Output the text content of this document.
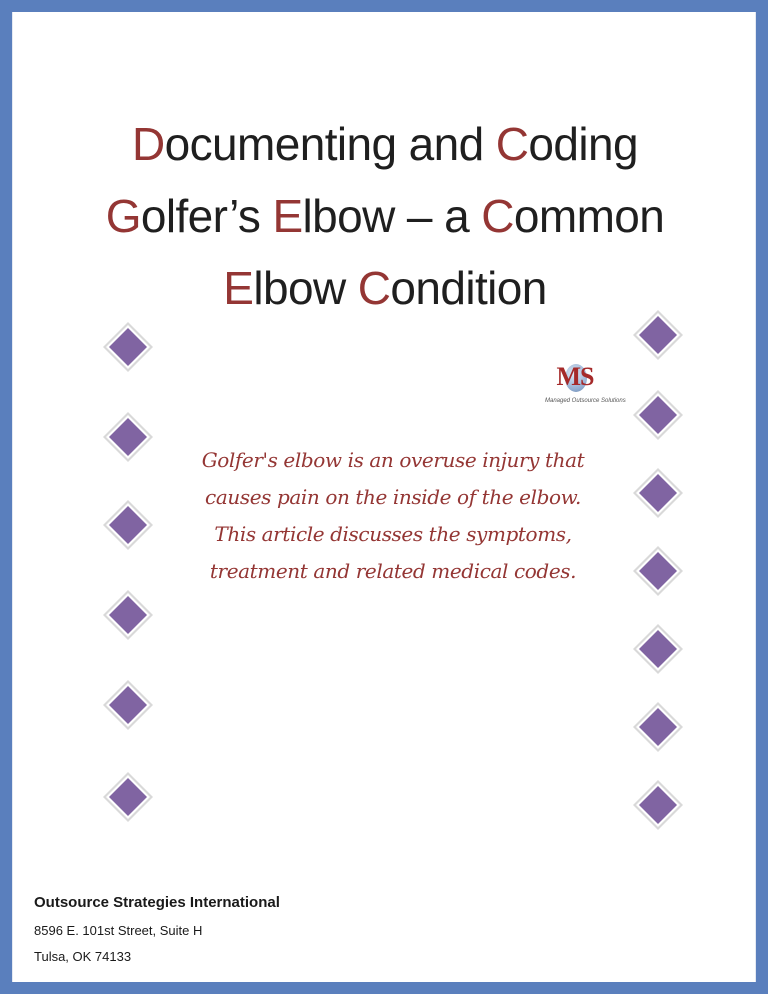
Documenting and Coding
Golfer’s Elbow – a Common
Elbow Condition
MS
Managed Outsource Solutions
Golfer's elbow is an overuse injury that causes pain on the inside of the elbow. This article discusses the symptoms, treatment and related medical codes.
Outsource Strategies International
8596 E. 101st Street, Suite H
Tulsa, OK 74133
